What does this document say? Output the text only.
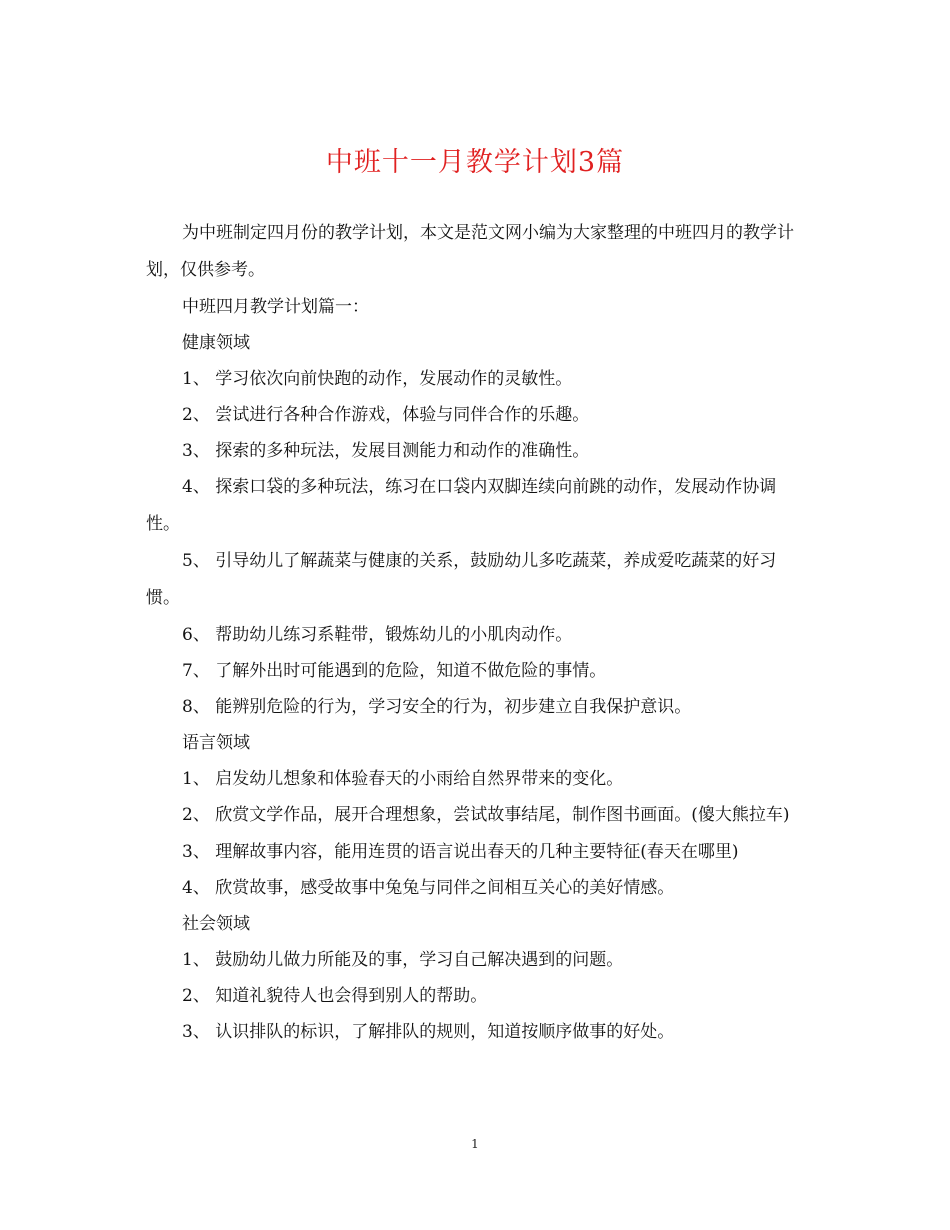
中班十一月教学计划3篇

为中班制定四月份的教学计划，本文是范文网小编为大家整理的中班四月的教学计划，仅供参考。

中班四月教学计划篇一：

健康领域

1、 学习依次向前快跑的动作，发展动作的灵敏性。

2、 尝试进行各种合作游戏，体验与同伴合作的乐趣。

3、 探索的多种玩法，发展目测能力和动作的准确性。

4、 探索口袋的多种玩法，练习在口袋内双脚连续向前跳的动作，发展动作协调性。

5、 引导幼儿了解蔬菜与健康的关系，鼓励幼儿多吃蔬菜，养成爱吃蔬菜的好习惯。

6、 帮助幼儿练习系鞋带，锻炼幼儿的小肌肉动作。

7、 了解外出时可能遇到的危险，知道不做危险的事情。

8、 能辨别危险的行为，学习安全的行为，初步建立自我保护意识。

语言领域

1、 启发幼儿想象和体验春天的小雨给自然界带来的变化。

2、 欣赏文学作品，展开合理想象，尝试故事结尾，制作图书画面。(傻大熊拉车)

3、 理解故事内容，能用连贯的语言说出春天的几种主要特征(春天在哪里)

4、 欣赏故事，感受故事中兔兔与同伴之间相互关心的美好情感。

社会领域

1、 鼓励幼儿做力所能及的事，学习自己解决遇到的问题。

2、 知道礼貌待人也会得到别人的帮助。

3、 认识排队的标识，了解排队的规则，知道按顺序做事的好处。

1
